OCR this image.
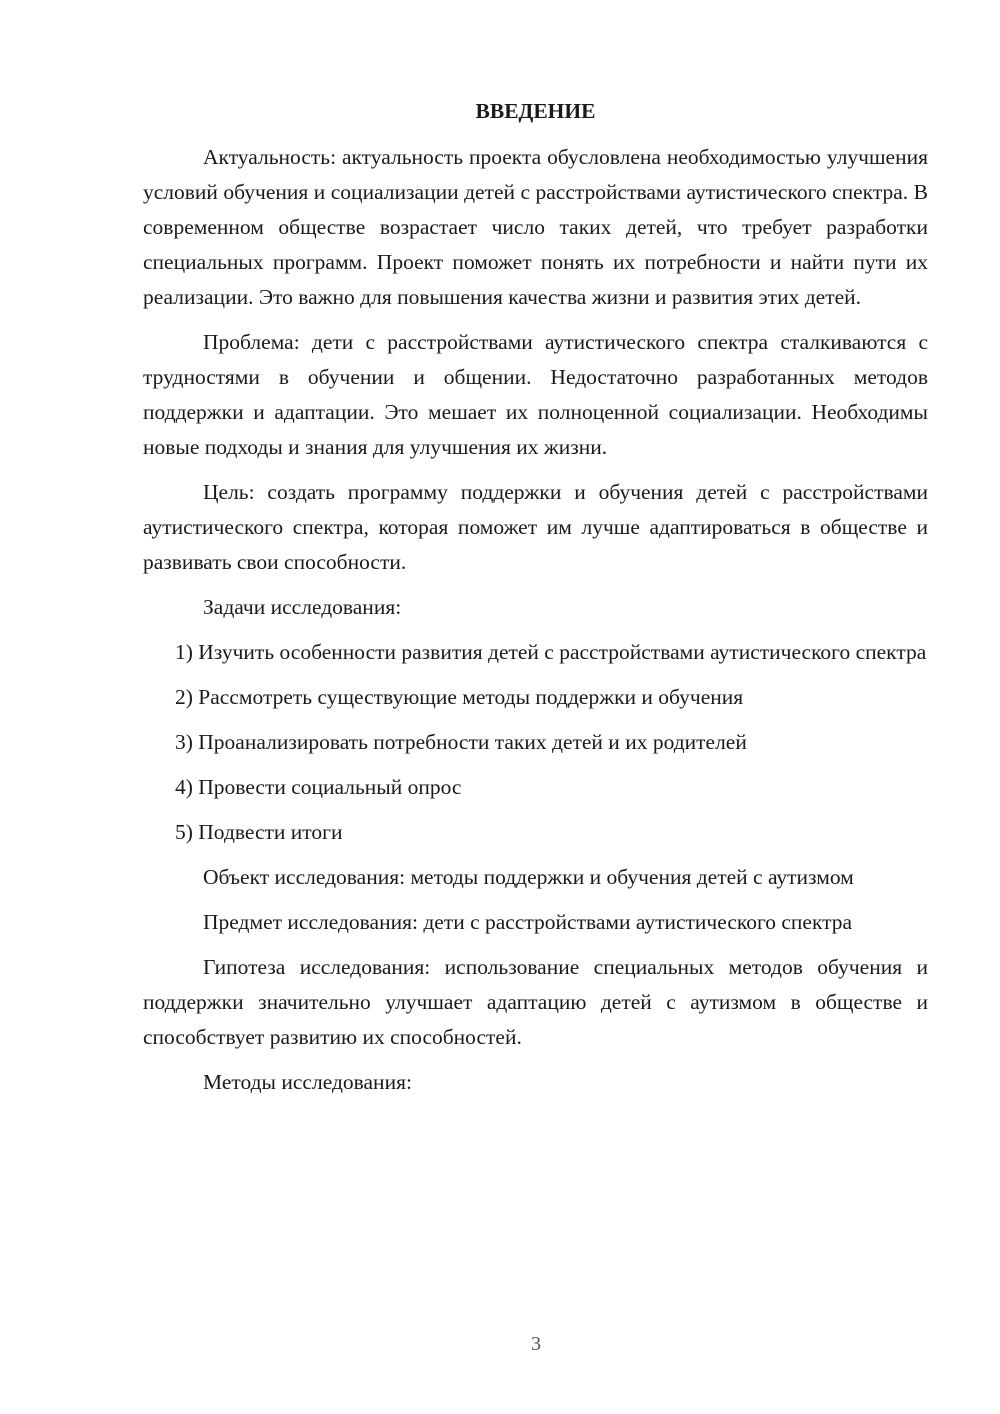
ВВЕДЕНИЕ

Актуальность: актуальность проекта обусловлена необходимостью улучшения условий обучения и социализации детей с расстройствами аутистического спектра. В современном обществе возрастает число таких детей, что требует разработки специальных программ. Проект поможет понять их потребности и найти пути их реализации. Это важно для повышения качества жизни и развития этих детей.

Проблема: дети с расстройствами аутистического спектра сталкиваются с трудностями в обучении и общении. Недостаточно разработанных методов поддержки и адаптации. Это мешает их полноценной социализации. Необходимы новые подходы и знания для улучшения их жизни.

Цель: создать программу поддержки и обучения детей с расстройствами аутистического спектра, которая поможет им лучше адаптироваться в обществе и развивать свои способности.

Задачи исследования:

1) Изучить особенности развития детей с расстройствами аутистического спектра

2) Рассмотреть существующие методы поддержки и обучения

3) Проанализировать потребности таких детей и их родителей

4) Провести социальный опрос

5) Подвести итоги

Объект исследования: методы поддержки и обучения детей с аутизмом

Предмет исследования: дети с расстройствами аутистического спектра

Гипотеза исследования: использование специальных методов обучения и поддержки значительно улучшает адаптацию детей с аутизмом в обществе и способствует развитию их способностей.

Методы исследования:

3
